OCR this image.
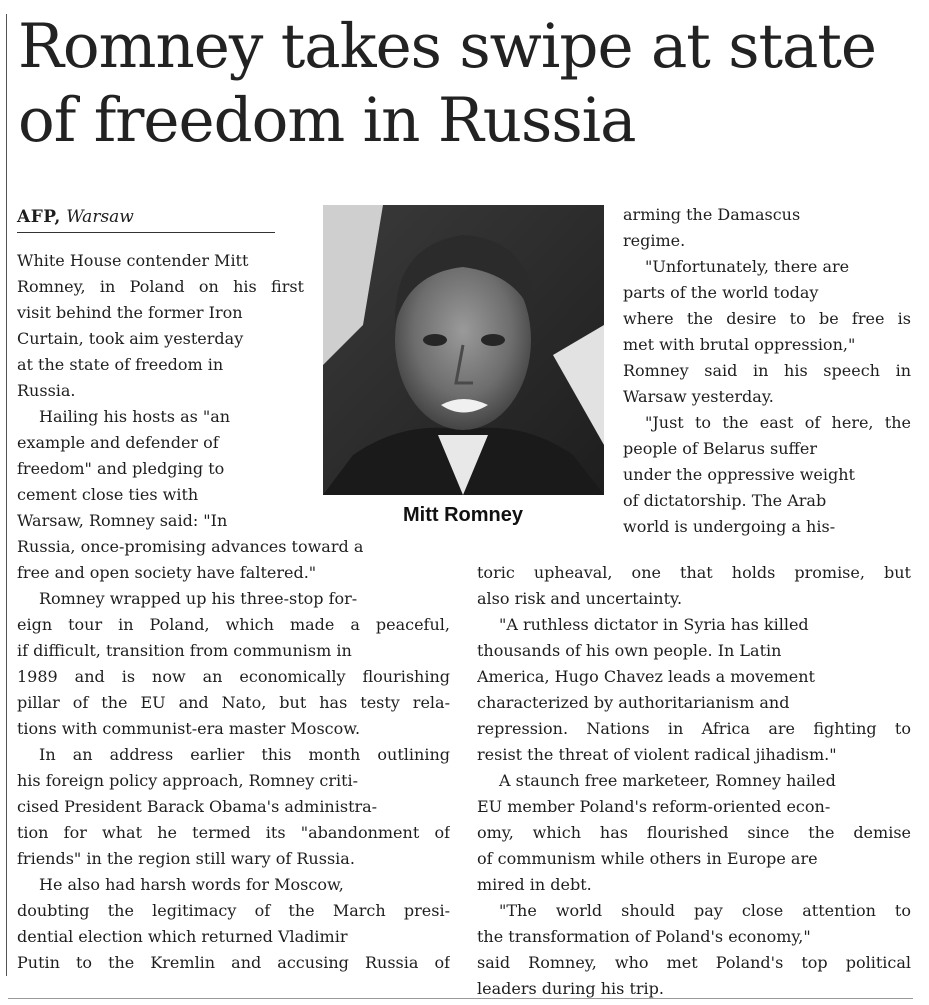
Romney takes swipe at state
of freedom in Russia
AFP, Warsaw
White House contender Mitt
Romney, in Poland on his first
visit behind the former Iron
Curtain, took aim yesterday
at the state of freedom in
Russia.
Hailing his hosts as "an
example and defender of
freedom" and pledging to
cement close ties with
Warsaw, Romney said: "In
Russia, once-promising advances toward a
free and open society have faltered."
Romney wrapped up his three-stop for-
eign tour in Poland, which made a peaceful,
if difficult, transition from communism in
1989 and is now an economically flourishing
pillar of the EU and Nato, but has testy rela-
tions with communist-era master Moscow.
In an address earlier this month outlining
his foreign policy approach, Romney criti-
cised President Barack Obama's administra-
tion for what he termed its "abandonment of
friends" in the region still wary of Russia.
He also had harsh words for Moscow,
doubting the legitimacy of the March presi-
dential election which returned Vladimir
Putin to the Kremlin and accusing Russia of
arming the Damascus
regime.
"Unfortunately, there are
parts of the world today
where the desire to be free is
met with brutal oppression,"
Romney said in his speech in
Warsaw yesterday.
"Just to the east of here, the
people of Belarus suffer
under the oppressive weight
of dictatorship. The Arab
world is undergoing a his-
toric upheaval, one that holds promise, but
also risk and uncertainty.
"A ruthless dictator in Syria has killed
thousands of his own people. In Latin
America, Hugo Chavez leads a movement
characterized by authoritarianism and
repression. Nations in Africa are fighting to
resist the threat of violent radical jihadism."
A staunch free marketeer, Romney hailed
EU member Poland's reform-oriented econ-
omy, which has flourished since the demise
of communism while others in Europe are
mired in debt.
"The world should pay close attention to
the transformation of Poland's economy,"
said Romney, who met Poland's top political
leaders during his trip.
Mitt Romney
